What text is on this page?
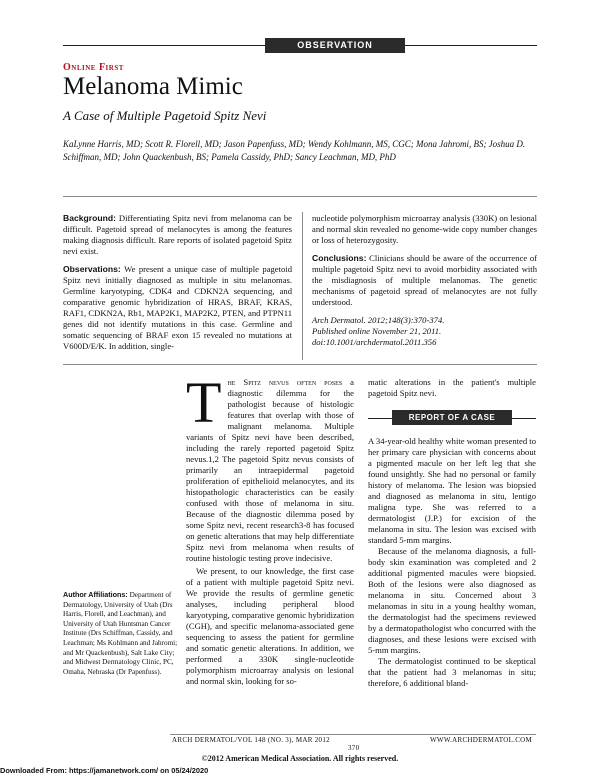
OBSERVATION
Online First
Melanoma Mimic
A Case of Multiple Pagetoid Spitz Nevi
KaLynne Harris, MD; Scott R. Florell, MD; Jason Papenfuss, MD; Wendy Kohlmann, MS, CGC; Mona Jahromi, BS; Joshua D. Schiffman, MD; John Quackenbush, BS; Pamela Cassidy, PhD; Sancy Leachman, MD, PhD

Background: Differentiating Spitz nevi from melanoma can be difficult. Pagetoid spread of melanocytes is among the features making diagnosis difficult. Rare reports of isolated pagetoid Spitz nevi exist.

Observations: We present a unique case of multiple pagetoid Spitz nevi initially diagnosed as multiple in situ melanomas. Germline karyotyping, CDK4 and CDKN2A sequencing, and comparative genomic hybridization of HRAS, BRAF, KRAS, RAF1, CDKN2A, Rb1, MAP2K1, MAP2K2, PTEN, and PTPN11 genes did not identify mutations in this case. Germline and somatic sequencing of BRAF exon 15 revealed no mutations at V600D/E/K. In addition, single-

nucleotide polymorphism microarray analysis (330K) on lesional and normal skin revealed no genome-wide copy number changes or loss of heterozygosity.

Conclusions: Clinicians should be aware of the occurrence of multiple pagetoid Spitz nevi to avoid morbidity associated with the misdiagnosis of multiple melanomas. The genetic mechanisms of pagetoid spread of melanocytes are not fully understood.

Arch Dermatol. 2012;148(3):370-374.
Published online November 21, 2011.
doi:10.1001/archdermatol.2011.356

The Spitz nevus often poses a diagnostic dilemma for the pathologist because of histologic features that overlap with those of malignant melanoma. Multiple variants of Spitz nevi have been described, including the rarely reported pagetoid Spitz nevus.1,2 The pagetoid Spitz nevus consists of primarily an intraepidermal pagetoid proliferation of epithelioid melanocytes, and its histopathologic characteristics can be easily confused with those of melanoma in situ. Because of the diagnostic dilemma posed by some Spitz nevi, recent research3-8 has focused on genetic alterations that may help differentiate Spitz nevi from melanoma when results of routine histologic testing prove indecisive.

We present, to our knowledge, the first case of a patient with multiple pagetoid Spitz nevi. We provide the results of germline genetic analyses, including peripheral blood karyotyping, comparative genomic hybridization (CGH), and specific melanoma-associated gene sequencing to assess the patient for germline and somatic genetic alterations. In addition, we performed a 330K single-nucleotide polymorphism microarray analysis on lesional and normal skin, looking for so-

matic alterations in the patient's multiple pagetoid Spitz nevi.

REPORT OF A CASE

A 34-year-old healthy white woman presented to her primary care physician with concerns about a pigmented macule on her left leg that she found unsightly. She had no personal or family history of melanoma. The lesion was biopsied and diagnosed as melanoma in situ, lentigo maligna type. She was referred to a dermatologist (J.P.) for excision of the melanoma in situ. The lesion was excised with standard 5-mm margins.

Because of the melanoma diagnosis, a full-body skin examination was completed and 2 additional pigmented macules were biopsied. Both of the lesions were also diagnosed as melanoma in situ. Concerned about 3 melanomas in situ in a young healthy woman, the dermatologist had the specimens reviewed by a dermatopathologist who concurred with the diagnoses, and these lesions were excised with 5-mm margins.

The dermatologist continued to be skeptical that the patient had 3 melanomas in situ; therefore, 6 additional bland-

Author Affiliations: Department of Dermatology, University of Utah (Drs Harris, Florell, and Leachman), and University of Utah Huntsman Cancer Institute (Drs Schiffman, Cassidy, and Leachman; Ms Kohlmann and Jahromi; and Mr Quackenbush), Salt Lake City; and Midwest Dermatology Clinic, PC, Omaha, Nebraska (Dr Papenfuss).
ARCH DERMATOL/VOL 148 (NO. 3), MAR 2012	WWW.ARCHDERMATOL.COM
370
©2012 American Medical Association. All rights reserved.
Downloaded From: https://jamanetwork.com/ on 05/24/2020
